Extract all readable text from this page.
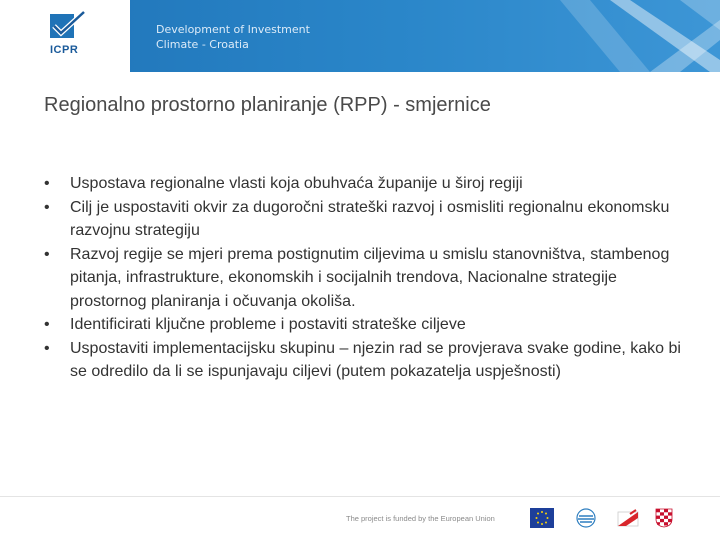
ICPR
Development of Investment
Climate - Croatia
Regionalno prostorno planiranje (RPP) - smjernice
• Uspostava regionalne vlasti koja obuhvaća županije u široj regiji
• Cilj je uspostaviti okvir za dugoročni strateški razvoj i osmisliti regionalnu ekonomsku razvojnu strategiju
• Razvoj regije se mjeri prema postignutim ciljevima u smislu stanovništva, stambenog pitanja, infrastrukture, ekonomskih i socijalnih trendova, Nacionalne strategije prostornog planiranja i očuvanja okoliša.
• Identificirati ključne probleme i postaviti strateške ciljeve
• Uspostaviti implementacijsku skupinu – njezin rad se provjerava svake godine, kako bi se odredilo da li se ispunjavaju ciljevi (putem pokazatelja uspješnosti)
The project is funded by the European Union
